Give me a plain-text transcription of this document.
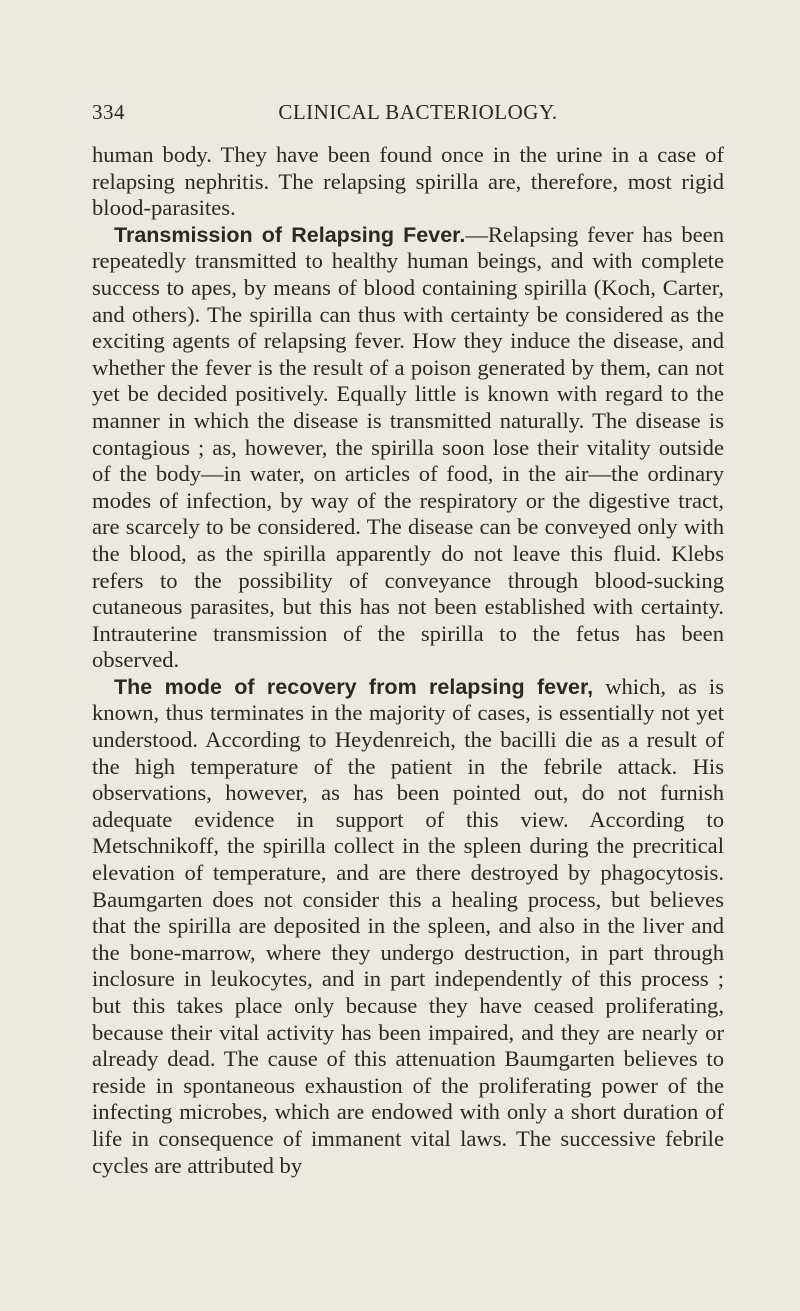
334	CLINICAL BACTERIOLOGY.

human body. They have been found once in the urine in a case of relapsing nephritis. The relapsing spirilla are, therefore, most rigid blood-parasites.

Transmission of Relapsing Fever.—Relapsing fever has been repeatedly transmitted to healthy human beings, and with complete success to apes, by means of blood containing spirilla (Koch, Carter, and others). The spirilla can thus with certainty be considered as the exciting agents of relapsing fever. How they induce the disease, and whether the fever is the result of a poison generated by them, can not yet be decided positively. Equally little is known with regard to the manner in which the disease is transmitted naturally. The disease is contagious ; as, however, the spirilla soon lose their vitality outside of the body—in water, on articles of food, in the air—the ordinary modes of infection, by way of the respiratory or the digestive tract, are scarcely to be considered. The disease can be conveyed only with the blood, as the spirilla apparently do not leave this fluid. Klebs refers to the possibility of conveyance through blood-sucking cutaneous parasites, but this has not been established with certainty. Intrauterine transmission of the spirilla to the fetus has been observed.

The mode of recovery from relapsing fever, which, as is known, thus terminates in the majority of cases, is essentially not yet understood. According to Heydenreich, the bacilli die as a result of the high temperature of the patient in the febrile attack. His observations, however, as has been pointed out, do not furnish adequate evidence in support of this view. According to Metschnikoff, the spirilla collect in the spleen during the precritical elevation of temperature, and are there destroyed by phagocytosis. Baumgarten does not consider this a healing process, but believes that the spirilla are deposited in the spleen, and also in the liver and the bone-marrow, where they undergo destruction, in part through inclosure in leukocytes, and in part independently of this process ; but this takes place only because they have ceased proliferating, because their vital activity has been impaired, and they are nearly or already dead. The cause of this attenuation Baumgarten believes to reside in spontaneous exhaustion of the proliferating power of the infecting microbes, which are endowed with only a short duration of life in consequence of immanent vital laws. The successive febrile cycles are attributed by
